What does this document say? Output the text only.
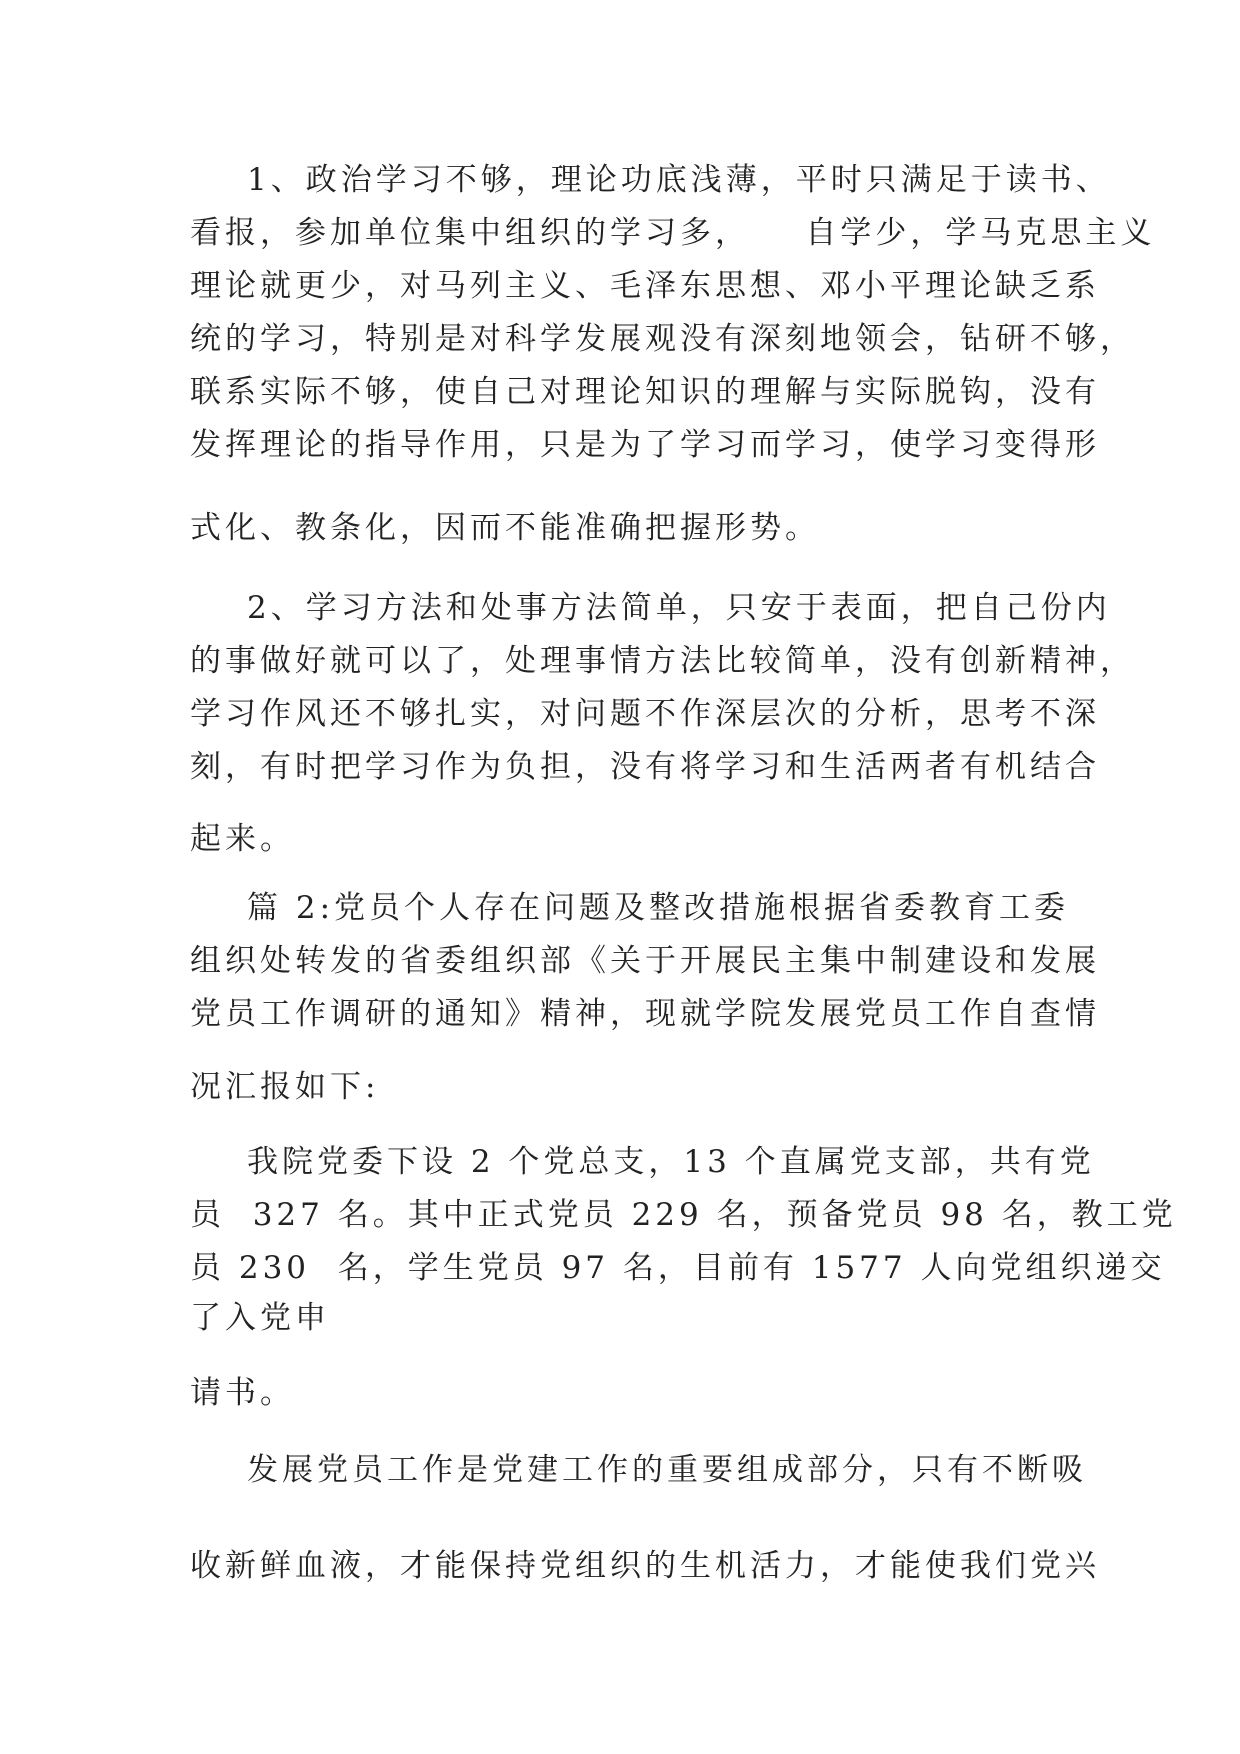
1、政治学习不够，理论功底浅薄，平时只满足于读书、
看报，参加单位集中组织的学习多，    自学少，学马克思主义
理论就更少，对马列主义、毛泽东思想、邓小平理论缺乏系
统的学习，特别是对科学发展观没有深刻地领会，钻研不够，
联系实际不够，使自己对理论知识的理解与实际脱钩，没有
发挥理论的指导作用，只是为了学习而学习，使学习变得形
式化、教条化，因而不能准确把握形势。
2、学习方法和处事方法简单，只安于表面，把自己份内
的事做好就可以了，处理事情方法比较简单，没有创新精神，
学习作风还不够扎实，对问题不作深层次的分析，思考不深
刻，有时把学习作为负担，没有将学习和生活两者有机结合
起来。
篇 2:党员个人存在问题及整改措施根据省委教育工委
组织处转发的省委组织部《关于开展民主集中制建设和发展
党员工作调研的通知》精神，现就学院发展党员工作自查情
况汇报如下:
我院党委下设 2 个党总支，13 个直属党支部，共有党
员  327 名。其中正式党员 229 名，预备党员 98 名，教工党
员 230  名，学生党员 97 名，目前有 1577 人向党组织递交
了入党申
请书。
发展党员工作是党建工作的重要组成部分，只有不断吸
收新鲜血液，才能保持党组织的生机活力，才能使我们党兴
